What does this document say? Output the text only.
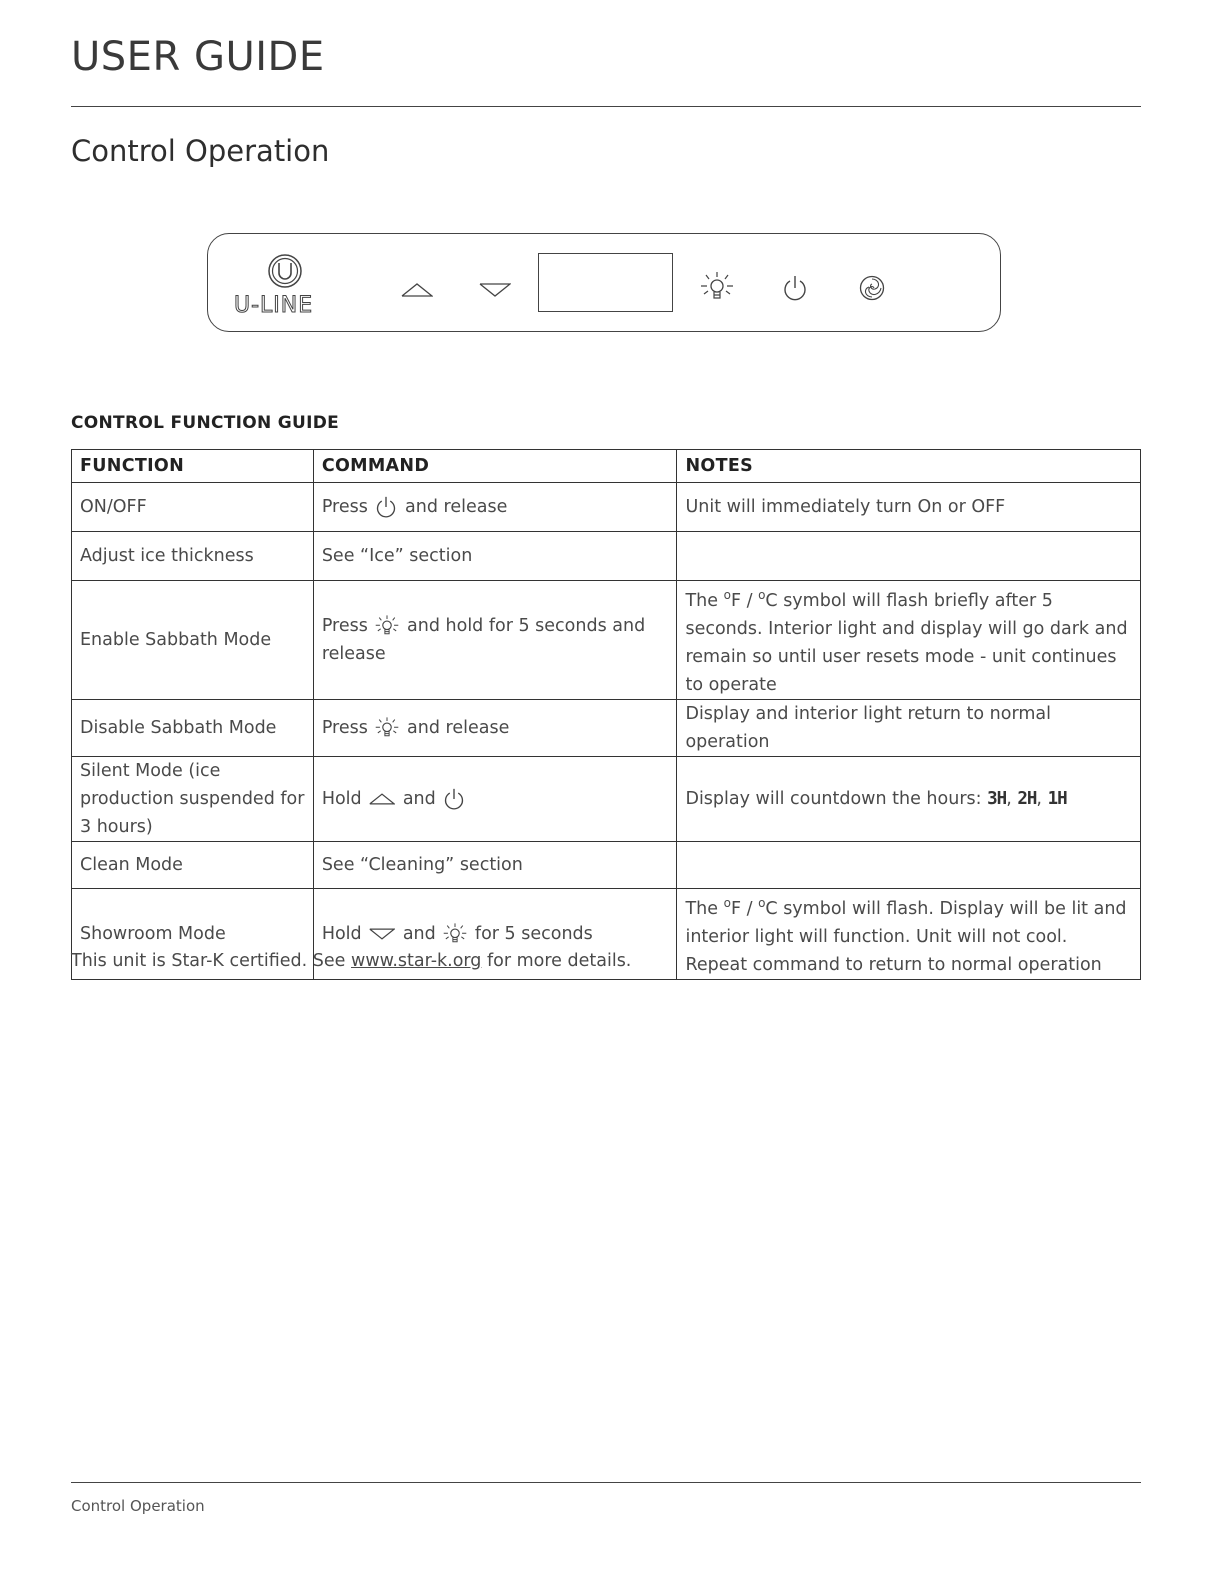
USER GUIDE
Control Operation
U-LINE
CONTROL FUNCTION GUIDE
FUNCTION	COMMAND	NOTES
ON/OFF	Press and release	Unit will immediately turn On or OFF
Adjust ice thickness	See “Ice” section	
Enable Sabbath Mode	Press and hold for 5 seconds and release	The $^o$F / $^o$C symbol will flash briefly after 5 seconds. Interior light and display will go dark and remain so until user resets mode - unit continues to operate
Disable Sabbath Mode	Press and release	Display and interior light return to normal operation
Silent Mode (ice production suspended for 3 hours)	Hold and	Display will countdown the hours: 3H, 2H, 1H
Clean Mode	See “Cleaning” section	
Showroom Mode	Hold and for 5 seconds	The $^o$F / $^o$C symbol will flash. Display will be lit and interior light will function. Unit will not cool. Repeat command to return to normal operation

This unit is Star-K certified. See www.star-k.org for more details.

Control Operation
